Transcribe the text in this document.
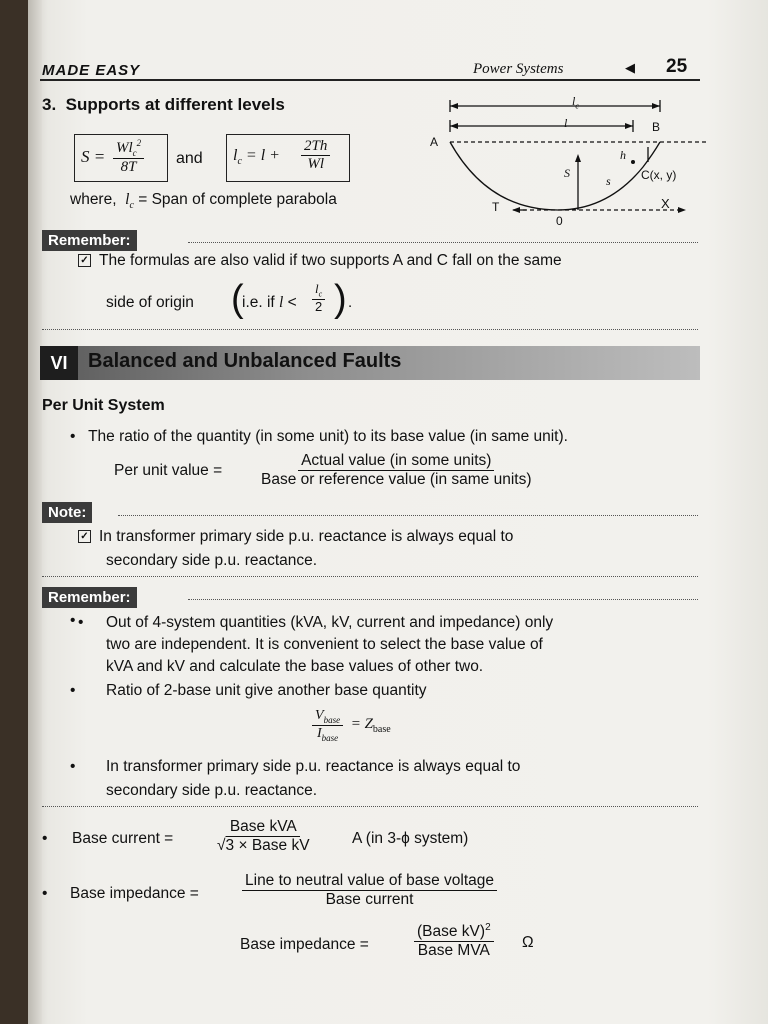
MADE EASY	Power Systems	◀ 25
3. Supports at different levels
$S = \frac{Wl_c^2}{8T}$ and $l_c = l + \frac{2Th}{Wl}$
where, $l_c$ = Span of complete parabola
$l_c$
l
A
B
h
S
s	C(x, y)
T
0
X
Remember:
✓ The formulas are also valid if two supports A and C fall on the same
side of origin (
i.e. if $l < \frac{l_c}{2}$ ) .
VI	Balanced and Unbalanced Faults
Per Unit System
•   The ratio of the quantity (in some unit) to its base value (in same unit).
Per unit value = $\frac{\text{Actual value (in some units)}}{\text{Base or reference value (in same units)}}$
Note:
✓ In transformer primary side p.u. reactance is always equal to
secondary side p.u. reactance.
Remember:
Out of 4-system quantities (kVA, kV, current and impedance) only
two are independent. It is convenient to select the base value of
kVA and kV and calculate the base values of other two.
•
• Ratio of 2-base unit give another base quantity
$\frac{V_{base}}{I_{base}} = Z_{base}$
• In transformer primary side p.u. reactance is always equal to
secondary side p.u. reactance.
• Base current =	$\frac{\text{Base kVA}}{\text{√3 × Base kV}}$	A (in 3-ϕ system)
• Base impedance =	$\frac{\text{Line to neutral value of base voltage}}{\text{Base current}}$
Base impedance =	$\frac{(Base kV)^2}{\text{Base MVA}}$ Ω
